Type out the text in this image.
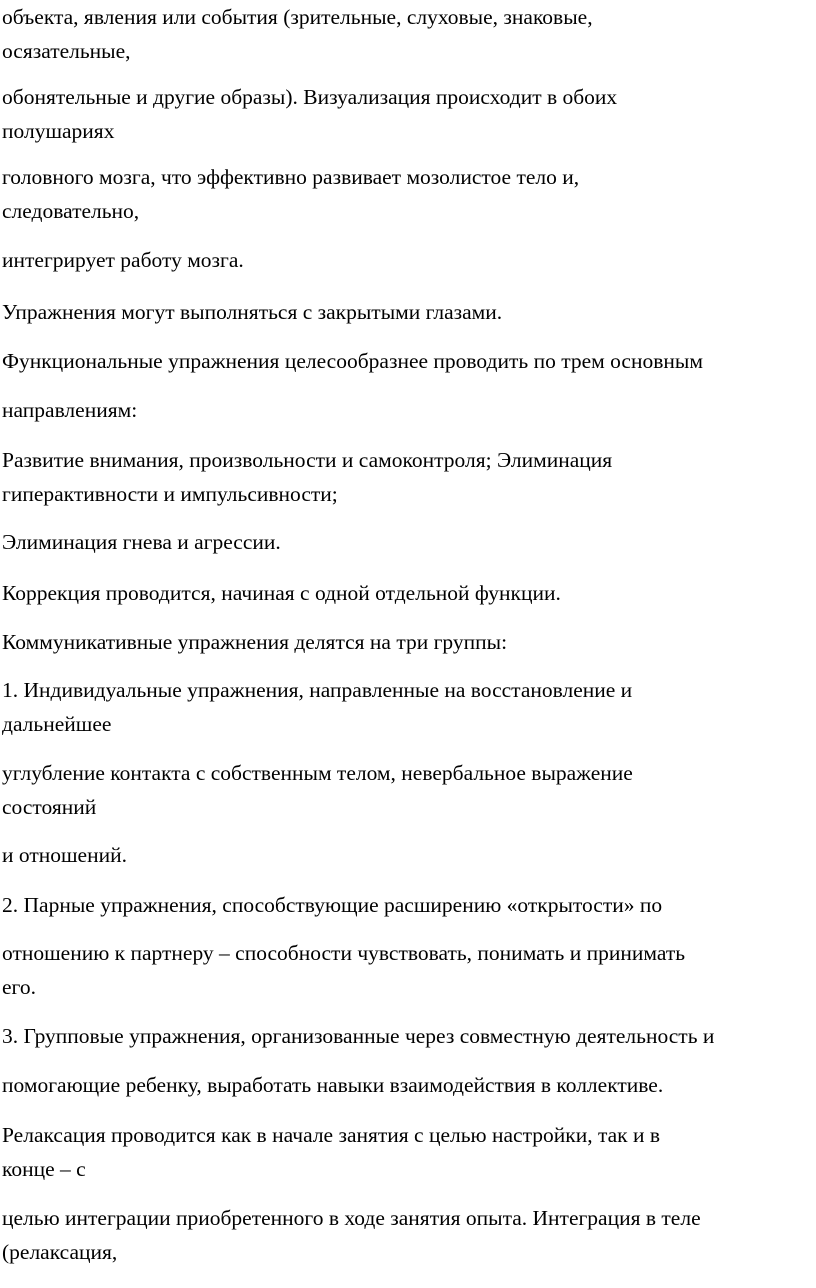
объекта, явления или события (зрительные, слуховые, знаковые,

осязательные,

обонятельные и другие образы). Визуализация происходит в обоих

полушариях

головного мозга, что эффективно развивает мозолистое тело и,

следовательно,

интегрирует работу мозга.

Упражнения могут выполняться с закрытыми глазами.

Функциональные упражнения целесообразнее проводить по трем основным

направлениям:

Развитие внимания, произвольности и самоконтроля; Элиминация

гиперактивности и импульсивности;

Элиминация гнева и агрессии.

Коррекция проводится, начиная с одной отдельной функции.

Коммуникативные упражнения делятся на три группы:

1. Индивидуальные упражнения, направленные на восстановление и

дальнейшее

углубление контакта с собственным телом, невербальное выражение

состояний

и отношений.

2. Парные упражнения, способствующие расширению «открытости» по

отношению к партнеру – способности чувствовать, понимать и принимать

его.

3. Групповые упражнения, организованные через совместную деятельность и

помогающие ребенку, выработать навыки взаимодействия в коллективе.

Релаксация проводится как в начале занятия с целью настройки, так и в

конце – с

целью интеграции приобретенного в ходе занятия опыта. Интеграция в теле

(релаксация,
